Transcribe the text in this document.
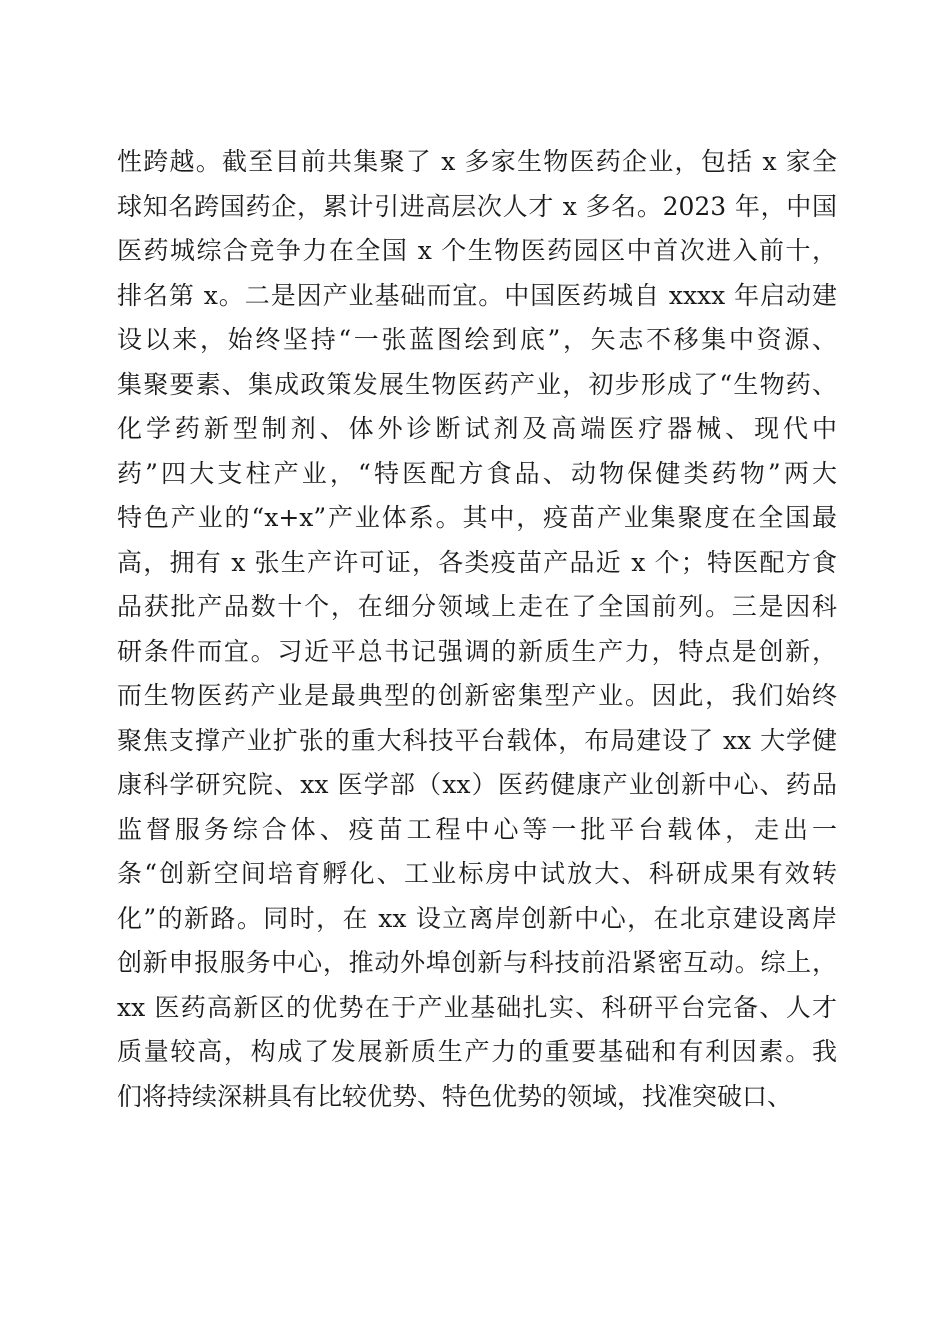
性跨越。截至目前共集聚了 x 多家生物医药企业，包括 x 家全
球知名跨国药企，累计引进高层次人才 x 多名。2023 年，中国
医药城综合竞争力在全国 x 个生物医药园区中首次进入前十，
排名第 x。二是因产业基础而宜。中国医药城自 xxxx 年启动建
设以来，始终坚持“一张蓝图绘到底”，矢志不移集中资源、
集聚要素、集成政策发展生物医药产业，初步形成了“生物药、
化学药新型制剂、体外诊断试剂及高端医疗器械、现代中
药”四大支柱产业，“特医配方食品、动物保健类药物”两大
特色产业的“x+x”产业体系。其中，疫苗产业集聚度在全国最
高，拥有 x 张生产许可证，各类疫苗产品近 x 个；特医配方食
品获批产品数十个，在细分领域上走在了全国前列。三是因科
研条件而宜。习近平总书记强调的新质生产力，特点是创新，
而生物医药产业是最典型的创新密集型产业。因此，我们始终
聚焦支撑产业扩张的重大科技平台载体，布局建设了 xx 大学健
康科学研究院、xx 医学部（xx）医药健康产业创新中心、药品
监督服务综合体、疫苗工程中心等一批平台载体，走出一
条“创新空间培育孵化、工业标房中试放大、科研成果有效转
化”的新路。同时，在 xx 设立离岸创新中心，在北京建设离岸
创新申报服务中心，推动外埠创新与科技前沿紧密互动。综上，
xx 医药高新区的优势在于产业基础扎实、科研平台完备、人才
质量较高，构成了发展新质生产力的重要基础和有利因素。我
们将持续深耕具有比较优势、特色优势的领域，找准突破口、
